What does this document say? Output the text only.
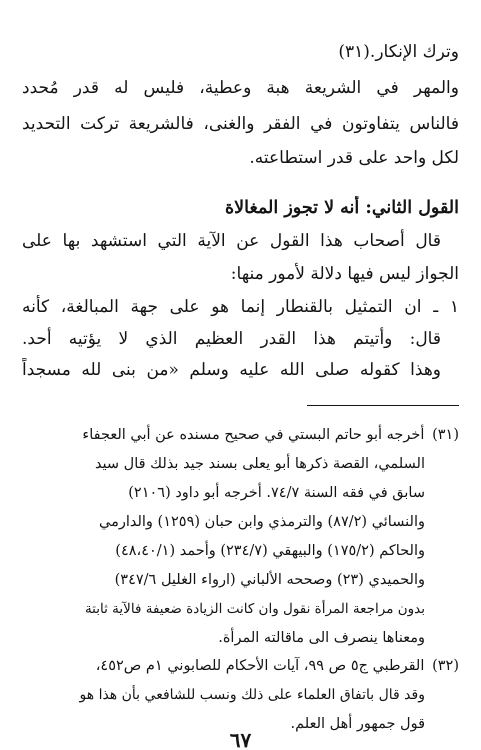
وترك الإنكار.(٣١)
والمهر في الشريعة هبة وعطية، فليس له قدر مُحدد
فالناس يتفاوتون في الفقر والغنى، فالشريعة تركت التحديد
لكل واحد على قدر استطاعته.
القول الثاني: أنه لا تجوز المغالاة
قال أصحاب هذا القول عن الآية التي استشهد بها على
الجواز ليس فيها دلالة لأمور منها:
١ ـ ان التمثيل بالقنطار إنما هو على جهة المبالغة، كأنه
قال: وأتيتم هذا القدر العظيم الذي لا يؤتيه أحد.
وهذا كقوله صلى الله عليه وسلم «من بنى لله مسجداً
(٣١) أخرجه أبو حاتم البستي في صحيح مسنده عن أبي العجفاء
السلمي، القصة ذكرها أبو يعلى بسند جيد بذلك قال سيد
سابق في فقه السنة ٧٤/٧. أخرجه أبو داود (٢١٠٦)
والنسائي (٨٧/٢) والترمذي وابن حبان (١٢٥٩) والدارمي
والحاكم (١٧٥/٢) والبيهقي (٢٣٤/٧) وأحمد (٤٨،٤٠/١)
والحميدي (٢٣) وصححه الألباني (ارواء الغليل ٣٤٧/٦)
بدون مراجعة المرأة نقول وان كانت الزيادة ضعيفة فالآية ثابتة
ومعناها ينصرف الى ماقالته المرأة.
(٣٢) القرطبي ج٥ ص ٩٩، آيات الأحكام للصابوني ١م ص٤٥٢،
وقد قال باتفاق العلماء على ذلك ونسب للشافعي بأن هذا هو
قول جمهور أهل العلم.
٦٧
